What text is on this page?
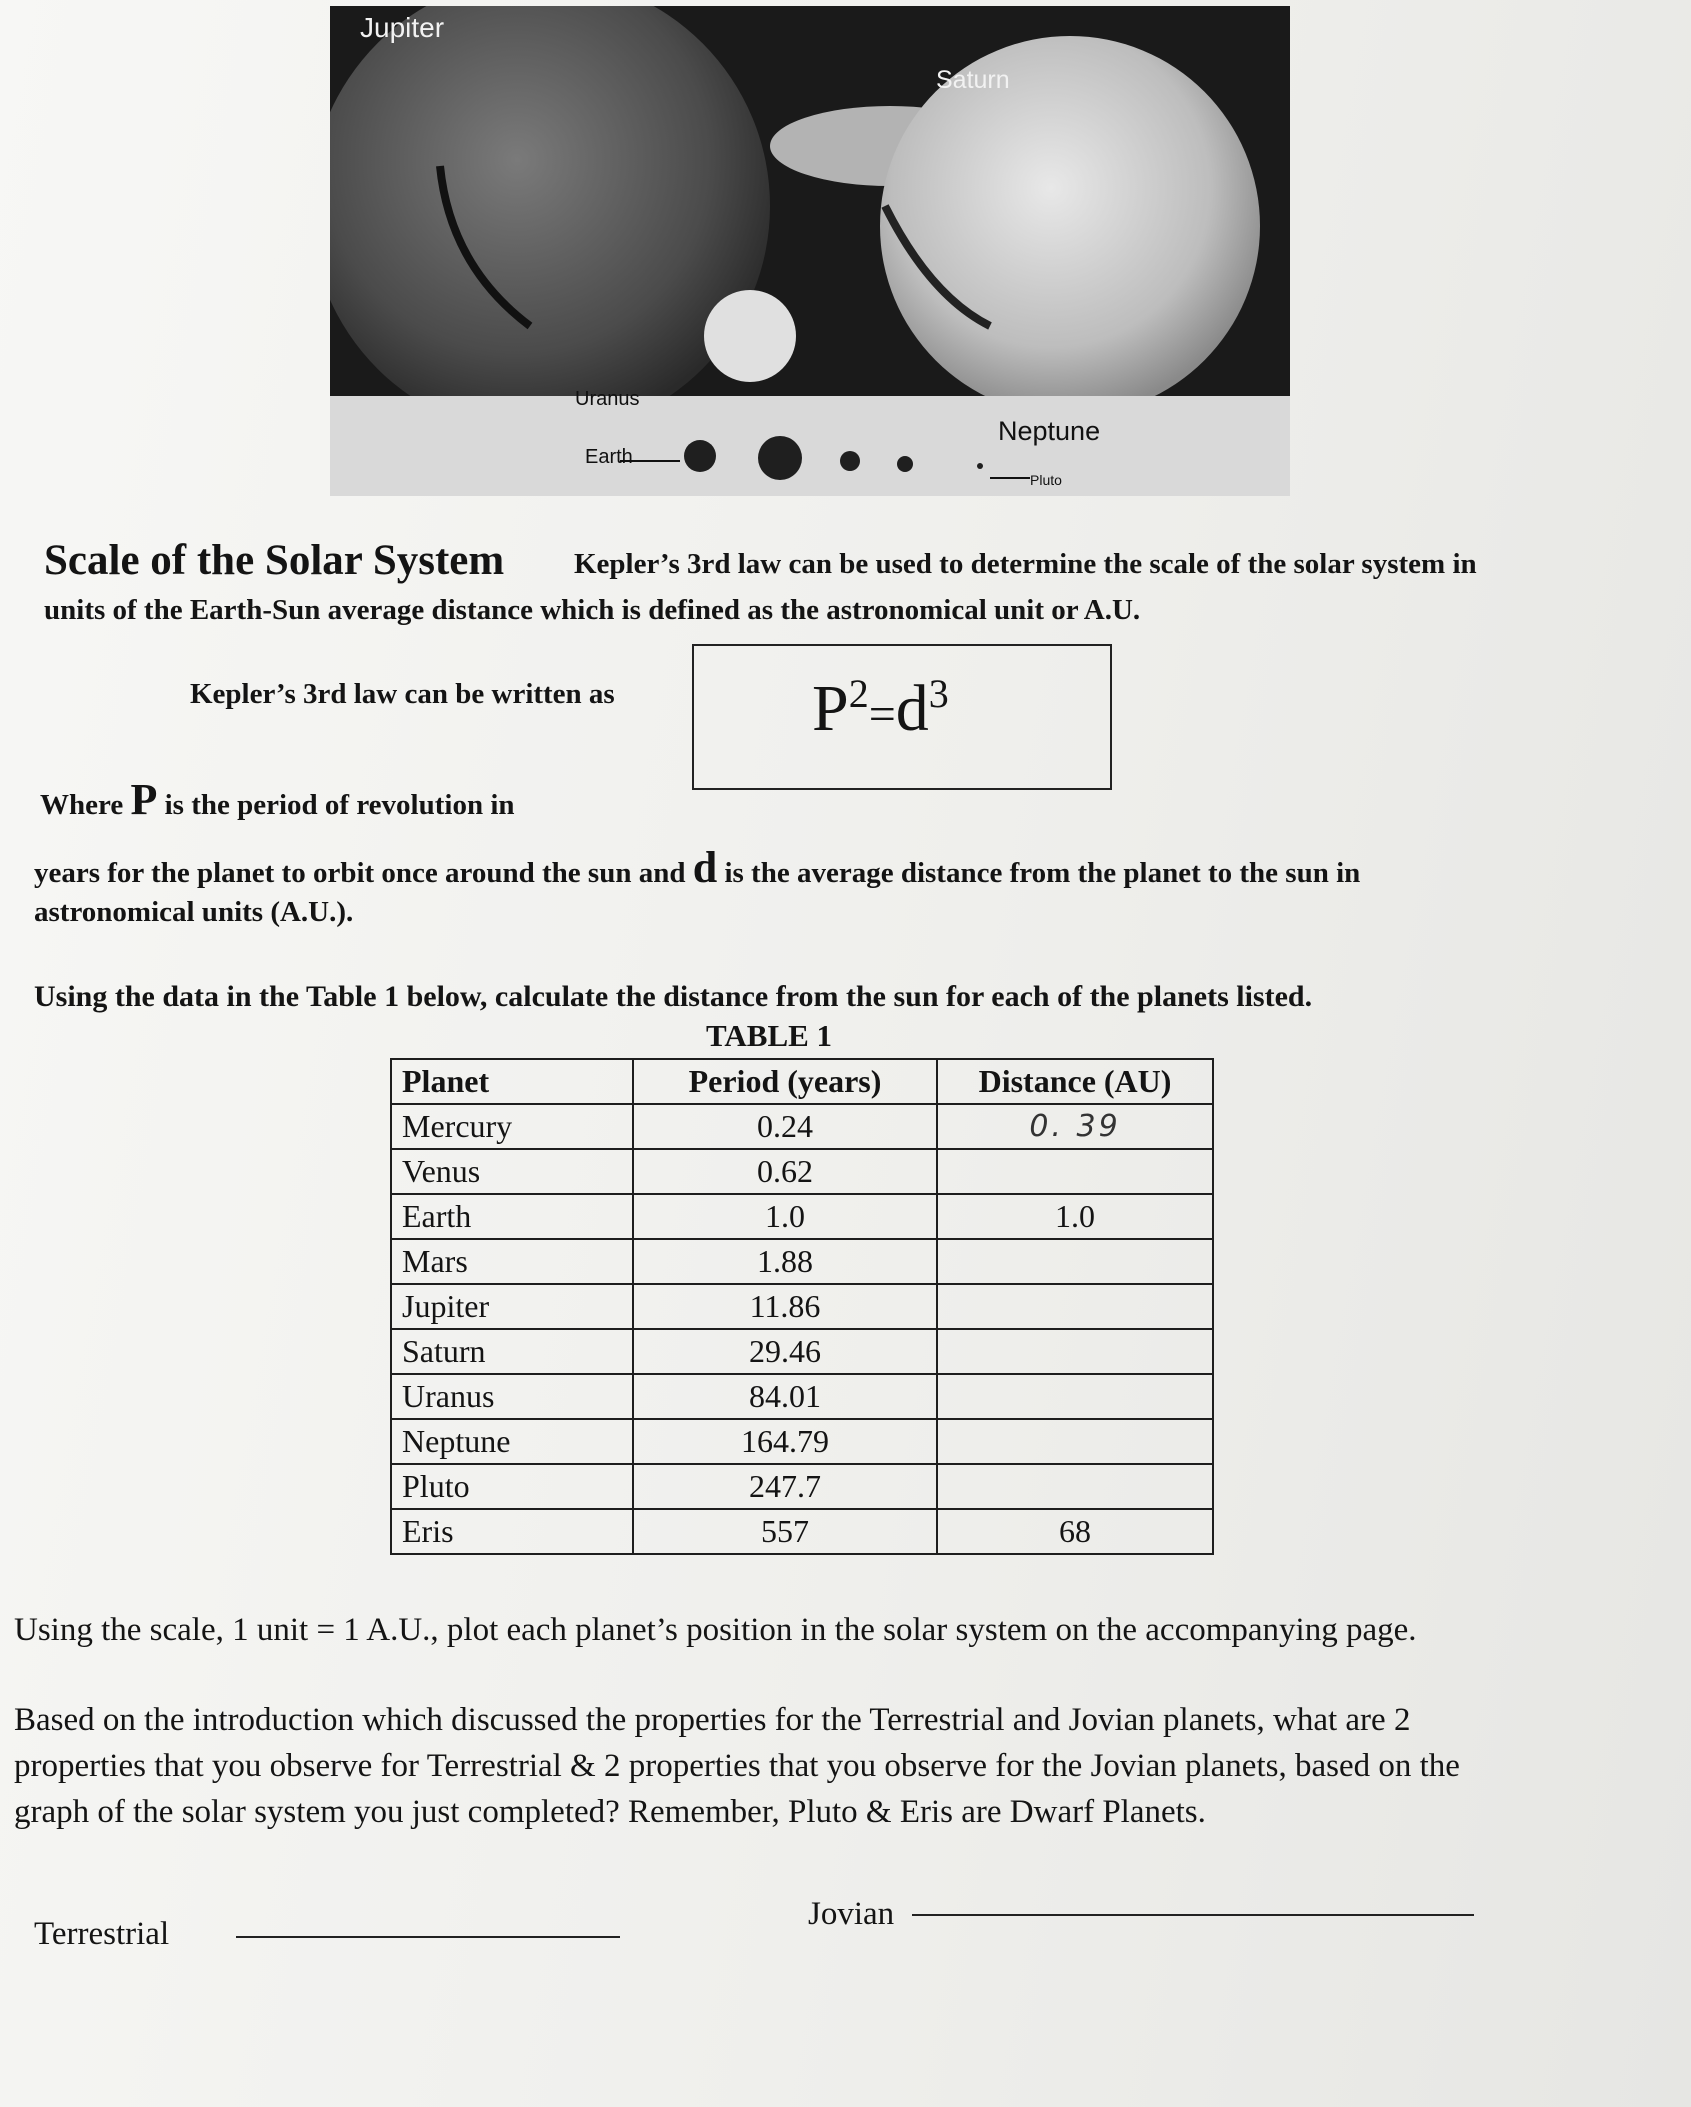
Jupiter
Saturn
Uranus
Earth
Neptune
Pluto
Scale of the Solar System Kepler’s 3rd law can be used to determine the scale of the solar system in
units of the Earth-Sun average distance which is defined as the astronomical unit or A.U.
Kepler’s 3rd law can be written as	$P^2=d^3$
Where P is the period of revolution in
years for the planet to orbit once around the sun and d is the average distance from the planet to the sun in
astronomical units (A.U.).
Using the data in the Table 1 below, calculate the distance from the sun for each of the planets listed.
TABLE 1
Planet	Period (years)	Distance (AU)
Mercury	0.24	0. 39
Venus	0.62	
Earth	1.0	1.0
Mars	1.88	
Jupiter	11.86	
Saturn	29.46	
Uranus	84.01	
Neptune	164.79	
Pluto	247.7	
Eris	557	68
Using the scale, 1 unit = 1 A.U., plot each planet’s position in the solar system on the accompanying page.
Based on the introduction which discussed the properties for the Terrestrial and Jovian planets, what are 2
properties that you observe for Terrestrial & 2 properties that you observe for the Jovian planets, based on the
graph of the solar system you just completed? Remember, Pluto & Eris are Dwarf Planets.
Terrestrial
Jovian
